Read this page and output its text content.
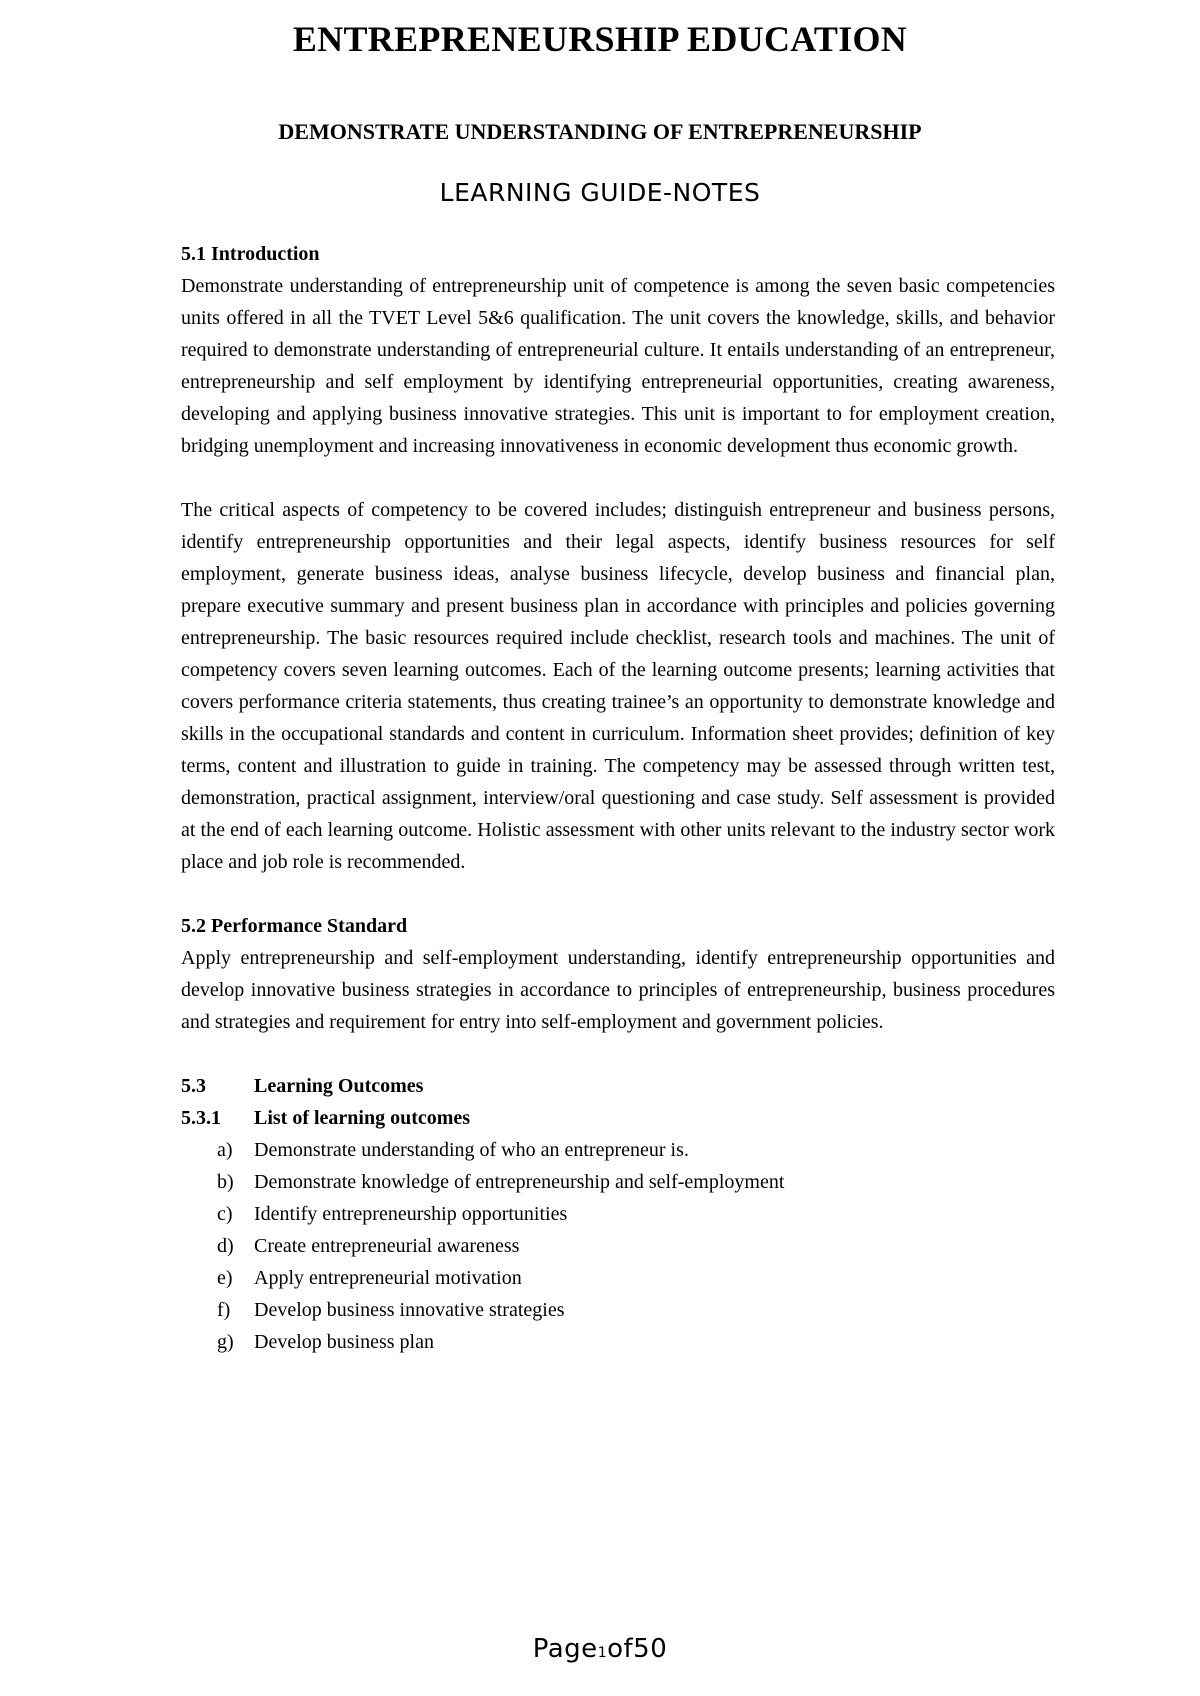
ENTREPRENEURSHIP EDUCATION
DEMONSTRATE UNDERSTANDING OF ENTREPRENEURSHIP
LEARNING GUIDE-NOTES

5.1 Introduction

Demonstrate understanding of entrepreneurship unit of competence is among the seven basic competencies units offered in all the TVET Level 5&6 qualification. The unit covers the knowledge, skills, and behavior required to demonstrate understanding of entrepreneurial culture. It entails understanding of an entrepreneur, entrepreneurship and self employment by identifying entrepreneurial opportunities, creating awareness, developing and applying business innovative strategies. This unit is important to for employment creation, bridging unemployment and increasing innovativeness in economic development thus economic growth.

The critical aspects of competency to be covered includes; distinguish entrepreneur and business persons, identify entrepreneurship opportunities and their legal aspects, identify business resources for self employment, generate business ideas, analyse business lifecycle, develop business and financial plan, prepare executive summary and present business plan in accordance with principles and policies governing entrepreneurship. The basic resources required include checklist, research tools and machines. The unit of competency covers seven learning outcomes. Each of the learning outcome presents; learning activities that covers performance criteria statements, thus creating trainee’s an opportunity to demonstrate knowledge and skills in the occupational standards and content in curriculum. Information sheet provides; definition of key terms, content and illustration to guide in training. The competency may be assessed through written test, demonstration, practical assignment, interview/oral questioning and case study. Self assessment is provided at the end of each learning outcome. Holistic assessment with other units relevant to the industry sector work place and job role is recommended.

5.2 Performance Standard

Apply entrepreneurship and self-employment understanding, identify entrepreneurship opportunities and develop innovative business strategies in accordance to principles of entrepreneurship, business procedures and strategies and requirement for entry into self-employment and government policies.

5.3	Learning Outcomes
5.3.1	List of learning outcomes
a)	Demonstrate understanding of who an entrepreneur is.
b)	Demonstrate knowledge of entrepreneurship and self-employment
c)	Identify entrepreneurship opportunities
d)	Create entrepreneurial awareness
e)	Apply entrepreneurial motivation
f)	Develop business innovative strategies
g)	Develop business plan
Page1of50
